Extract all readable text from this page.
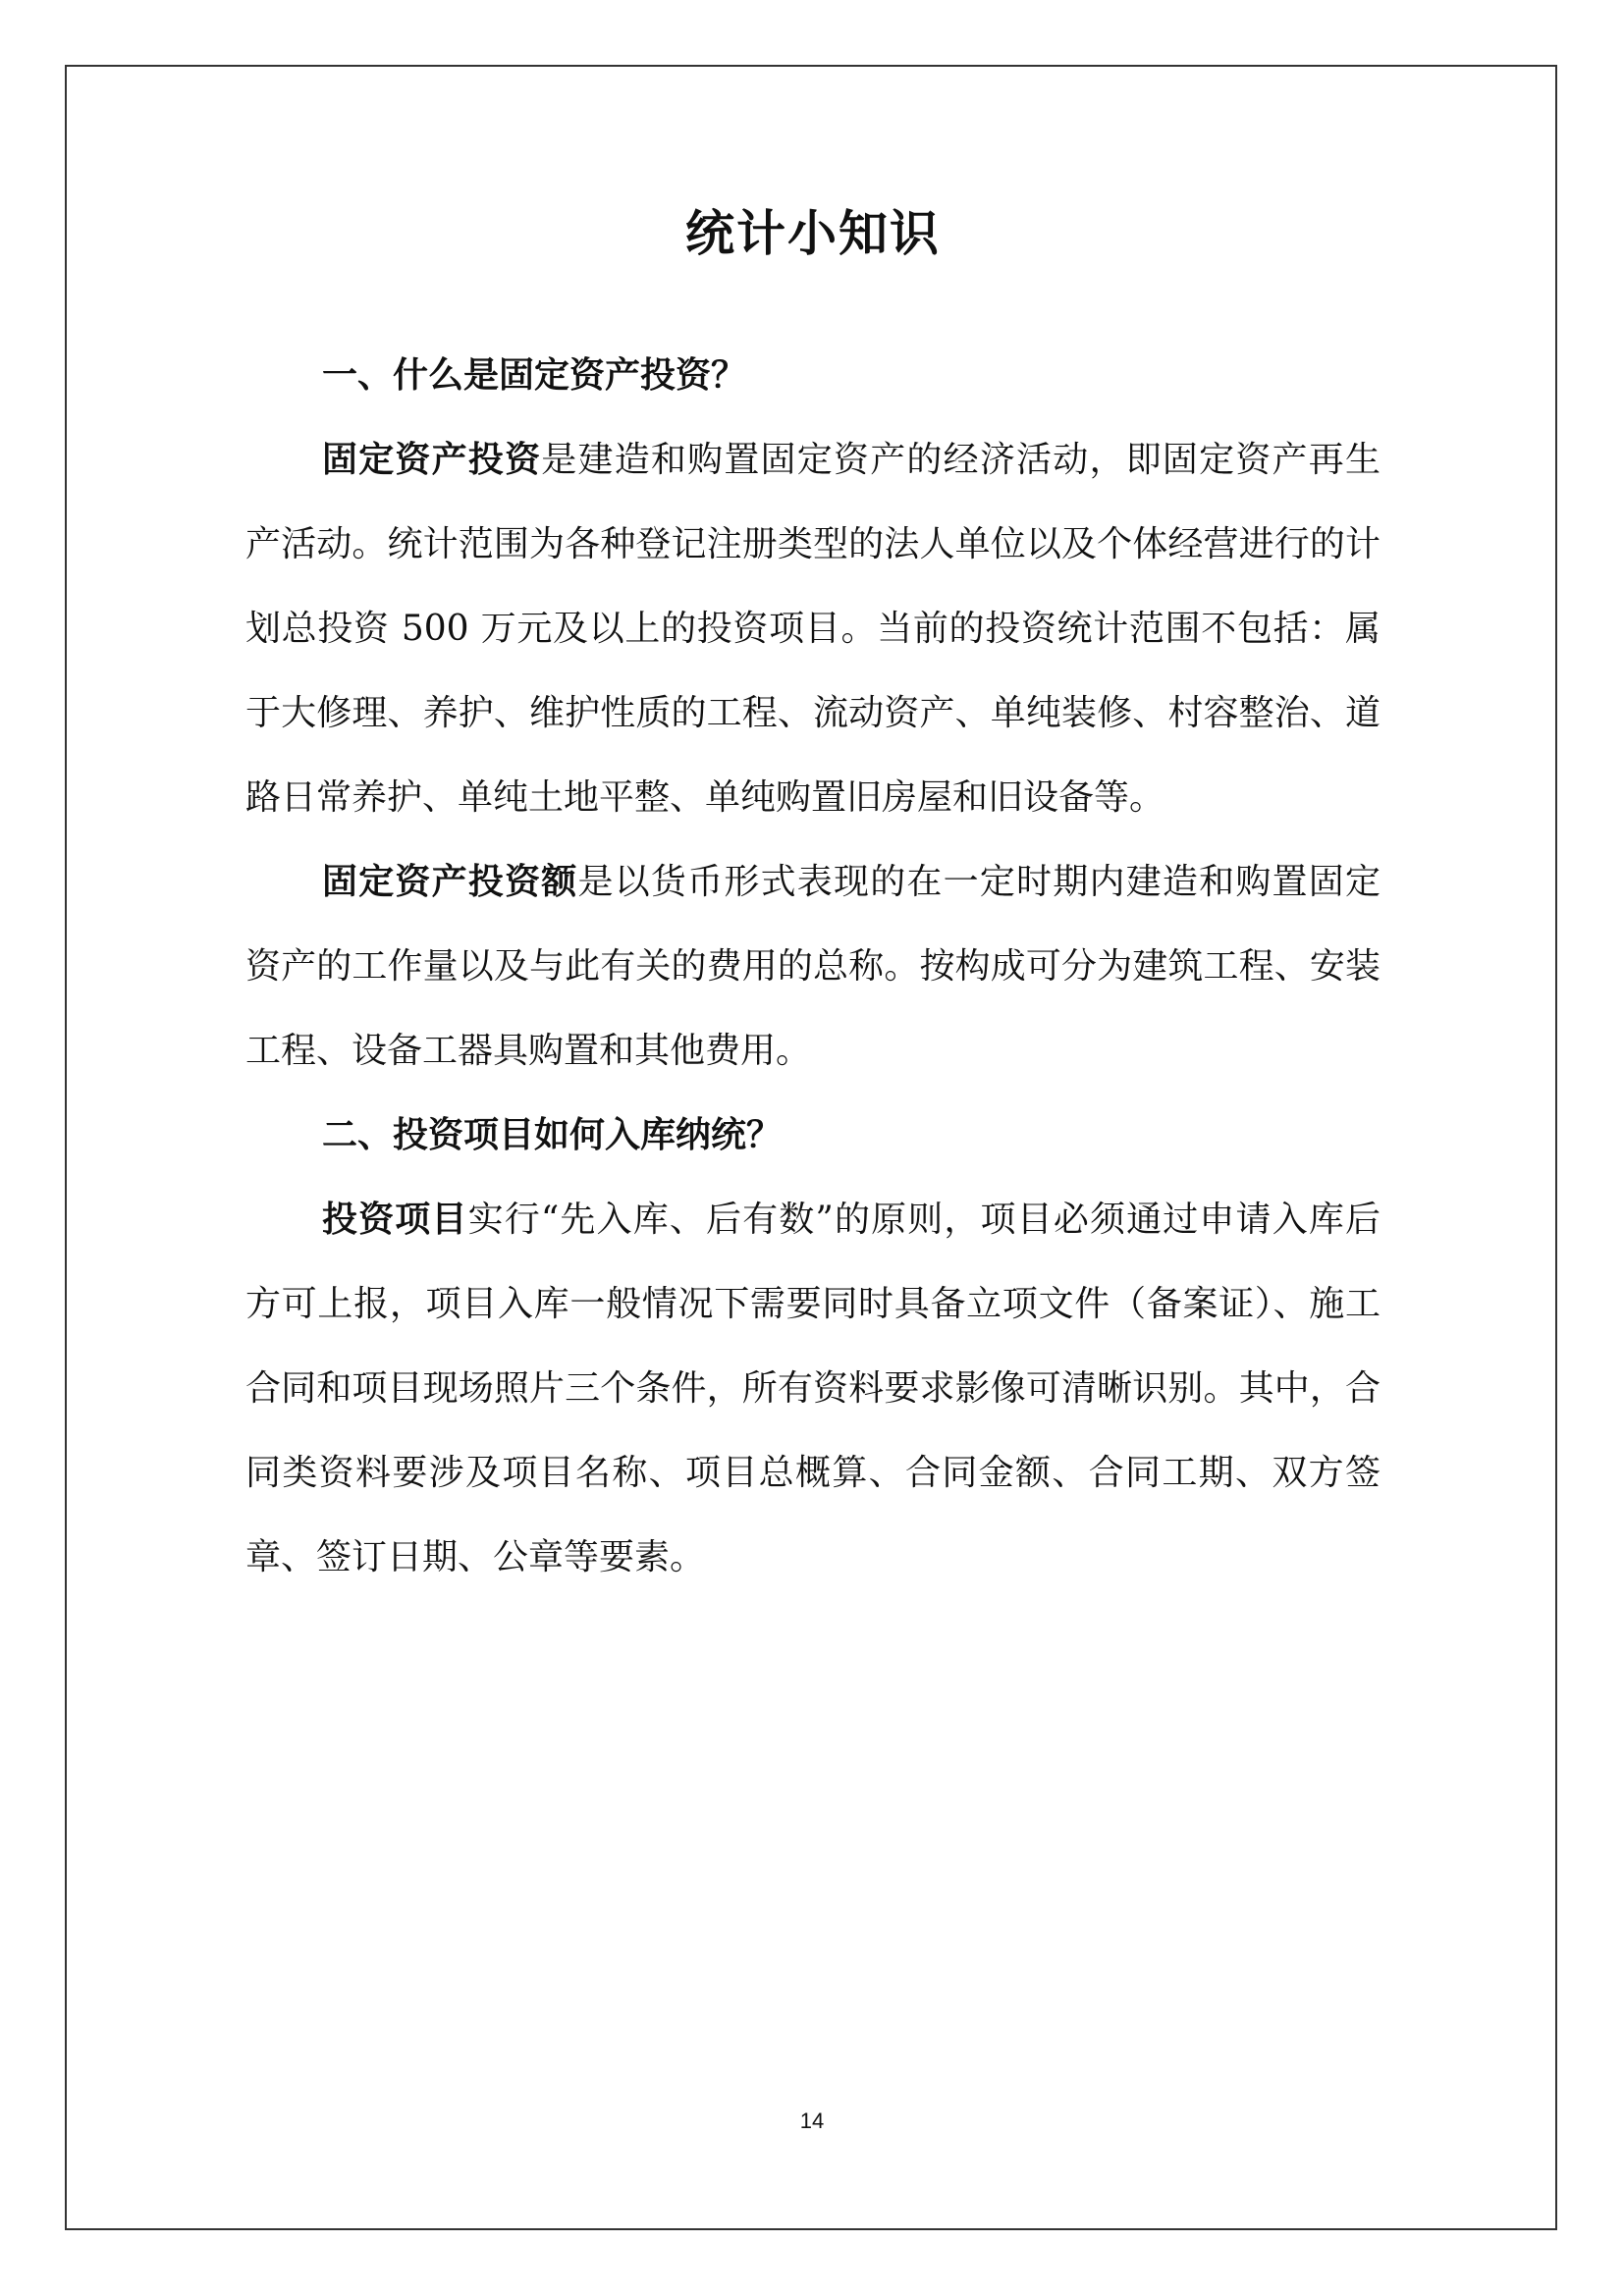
统计小知识

一、什么是固定资产投资？

固定资产投资是建造和购置固定资产的经济活动，即固定资产再生产活动。统计范围为各种登记注册类型的法人单位以及个体经营进行的计划总投资 500 万元及以上的投资项目。当前的投资统计范围不包括：属于大修理、养护、维护性质的工程、流动资产、单纯装修、村容整治、道路日常养护、单纯土地平整、单纯购置旧房屋和旧设备等。

固定资产投资额是以货币形式表现的在一定时期内建造和购置固定资产的工作量以及与此有关的费用的总称。按构成可分为建筑工程、安装工程、设备工器具购置和其他费用。

二、投资项目如何入库纳统？

投资项目实行“先入库、后有数”的原则，项目必须通过申请入库后方可上报，项目入库一般情况下需要同时具备立项文件（备案证）、施工合同和项目现场照片三个条件，所有资料要求影像可清晰识别。其中，合同类资料要涉及项目名称、项目总概算、合同金额、合同工期、双方签章、签订日期、公章等要素。

14
